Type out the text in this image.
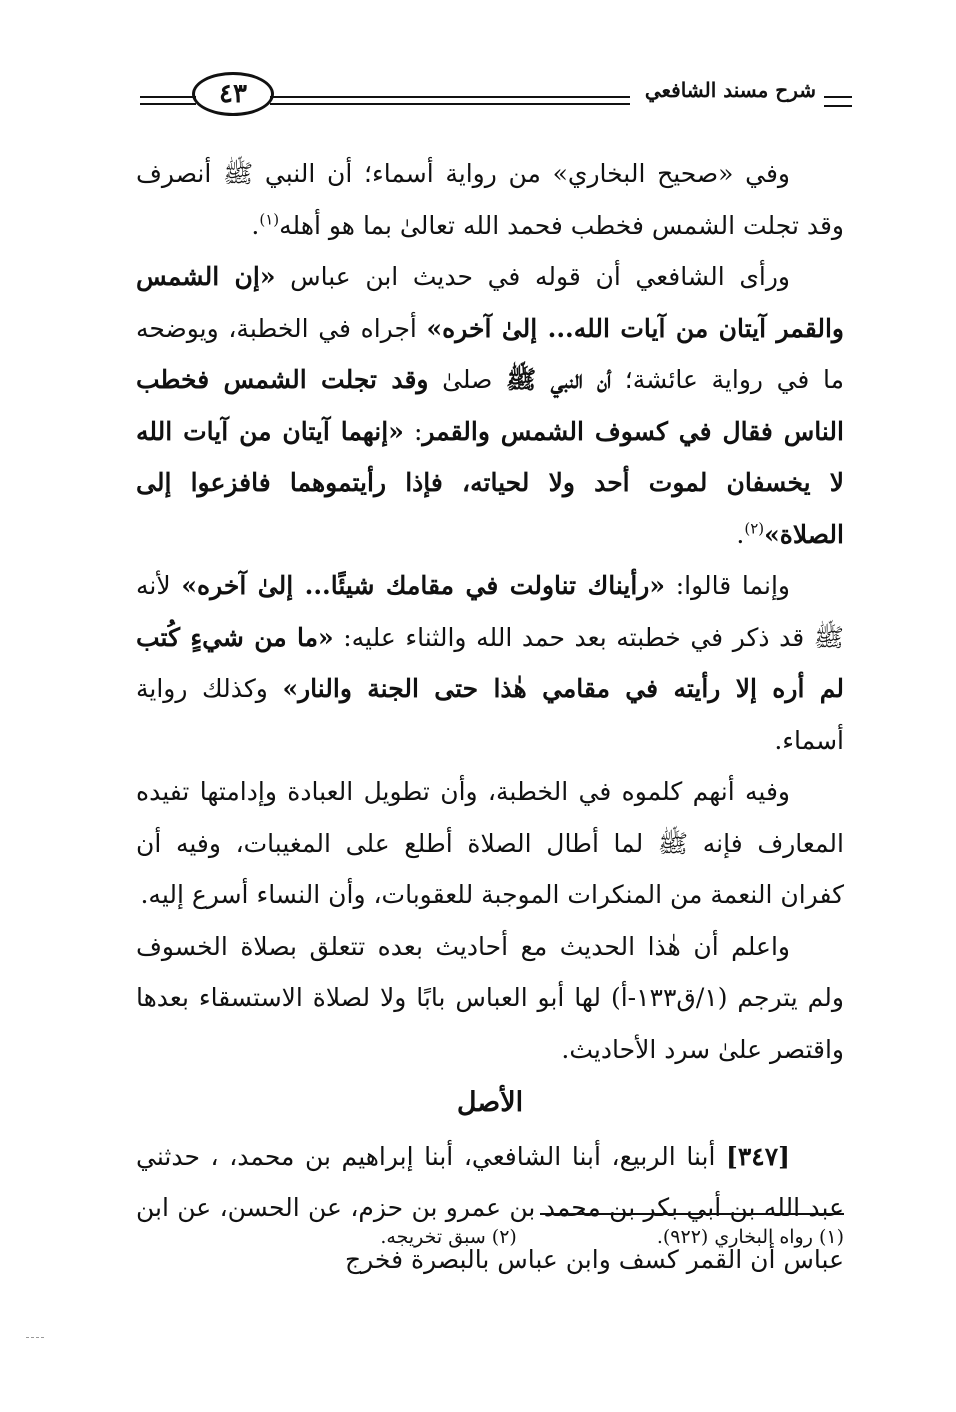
٤٣	شرح مسند الشافعي

وفي «صحيح البخاري» من رواية أسماء؛ أن النبي ﷺ أنصرف وقد تجلت الشمس فخطب فحمد الله تعالىٰ بما هو أهله$^{(١)}$.

ورأى الشافعي أن قوله في حديث ابن عباس «إن الشمس والقمر آيتان من آيات الله... إلىٰ آخره» أجراه في الخطبة، ويوضحه ما في رواية عائشة؛ أن النبي ﷺ صلىٰ وقد تجلت الشمس فخطب الناس فقال في كسوف الشمس والقمر: «إنهما آيتان من آيات الله لا يخسفان لموت أحد ولا لحياته، فإذا رأيتموهما فافزعوا إلى الصلاة»$^{(٢)}$.

وإنما قالوا: «رأيناك تناولت في مقامك شيئًا... إلىٰ آخره» لأنه ﷺ قد ذكر في خطبته بعد حمد الله والثناء عليه: «ما من شيءٍ كُتب لم أره إلا رأيته في مقامي هٰذا حتى الجنة والنار» وكذلك رواية أسماء.

وفيه أنهم كلموه في الخطبة، وأن تطويل العبادة وإدامتها تفيده المعارف فإنه ﷺ لما أطال الصلاة أطلع على المغيبات، وفيه أن كفران النعمة من المنكرات الموجبة للعقوبات، وأن النساء أسرع إليه.

واعلم أن هٰذا الحديث مع أحاديث بعده تتعلق بصلاة الخسوف ولم يترجم (١/ق١٣٣-أ) لها أبو العباس بابًا ولا لصلاة الاستسقاء بعدها واقتصر علىٰ سرد الأحاديث.

الأصل

[٣٤٧] أبنا الربيع، أبنا الشافعي، أبنا إبراهيم بن محمد، ، حدثني عبد الله بن أبي بكر بن محمد بن عمرو بن حزم، عن الحسن، عن ابن عباس أن القمر كسف وابن عباس بالبصرة فخرج

(١) رواه البخاري (٩٢٢).(٢) سبق تخريجه.
